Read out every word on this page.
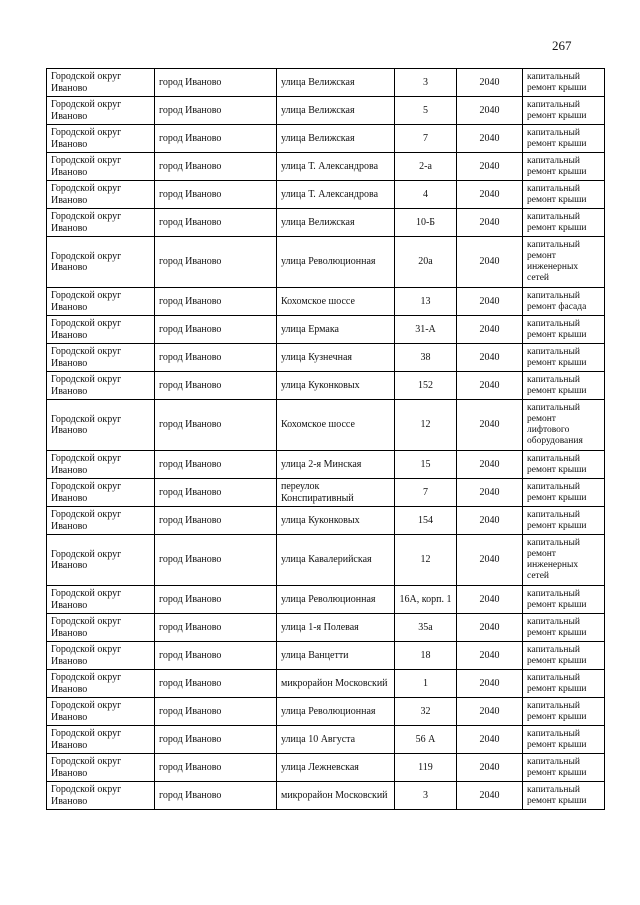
267
Городской округ Иваново	город Иваново	улица Велижская	3	2040	капитальный ремонт крыши
Городской округ Иваново	город Иваново	улица Велижская	5	2040	капитальный ремонт крыши
Городской округ Иваново	город Иваново	улица Велижская	7	2040	капитальный ремонт крыши
Городской округ Иваново	город Иваново	улица Т. Александрова	2-а	2040	капитальный ремонт крыши
Городской округ Иваново	город Иваново	улица Т. Александрова	4	2040	капитальный ремонт крыши
Городской округ Иваново	город Иваново	улица Велижская	10-Б	2040	капитальный ремонт крыши
Городской округ Иваново	город Иваново	улица Революционная	20а	2040	капитальный ремонт инженерных сетей
Городской округ Иваново	город Иваново	Кохомское шоссе	13	2040	капитальный ремонт фасада
Городской округ Иваново	город Иваново	улица Ермака	31-А	2040	капитальный ремонт крыши
Городской округ Иваново	город Иваново	улица Кузнечная	38	2040	капитальный ремонт крыши
Городской округ Иваново	город Иваново	улица Куконковых	152	2040	капитальный ремонт крыши
Городской округ Иваново	город Иваново	Кохомское шоссе	12	2040	капитальный ремонт лифтового оборудования
Городской округ Иваново	город Иваново	улица 2-я Минская	15	2040	капитальный ремонт крыши
Городской округ Иваново	город Иваново	переулок Конспиративный	7	2040	капитальный ремонт крыши
Городской округ Иваново	город Иваново	улица Куконковых	154	2040	капитальный ремонт крыши
Городской округ Иваново	город Иваново	улица Кавалерийская	12	2040	капитальный ремонт инженерных сетей
Городской округ Иваново	город Иваново	улица Революционная	16А, корп. 1	2040	капитальный ремонт крыши
Городской округ Иваново	город Иваново	улица 1-я Полевая	35а	2040	капитальный ремонт крыши
Городской округ Иваново	город Иваново	улица Ванцетти	18	2040	капитальный ремонт крыши
Городской округ Иваново	город Иваново	микрорайон Московский	1	2040	капитальный ремонт крыши
Городской округ Иваново	город Иваново	улица Революционная	32	2040	капитальный ремонт крыши
Городской округ Иваново	город Иваново	улица 10 Августа	56 А	2040	капитальный ремонт крыши
Городской округ Иваново	город Иваново	улица Лежневская	119	2040	капитальный ремонт крыши
Городской округ Иваново	город Иваново	микрорайон Московский	3	2040	капитальный ремонт крыши
